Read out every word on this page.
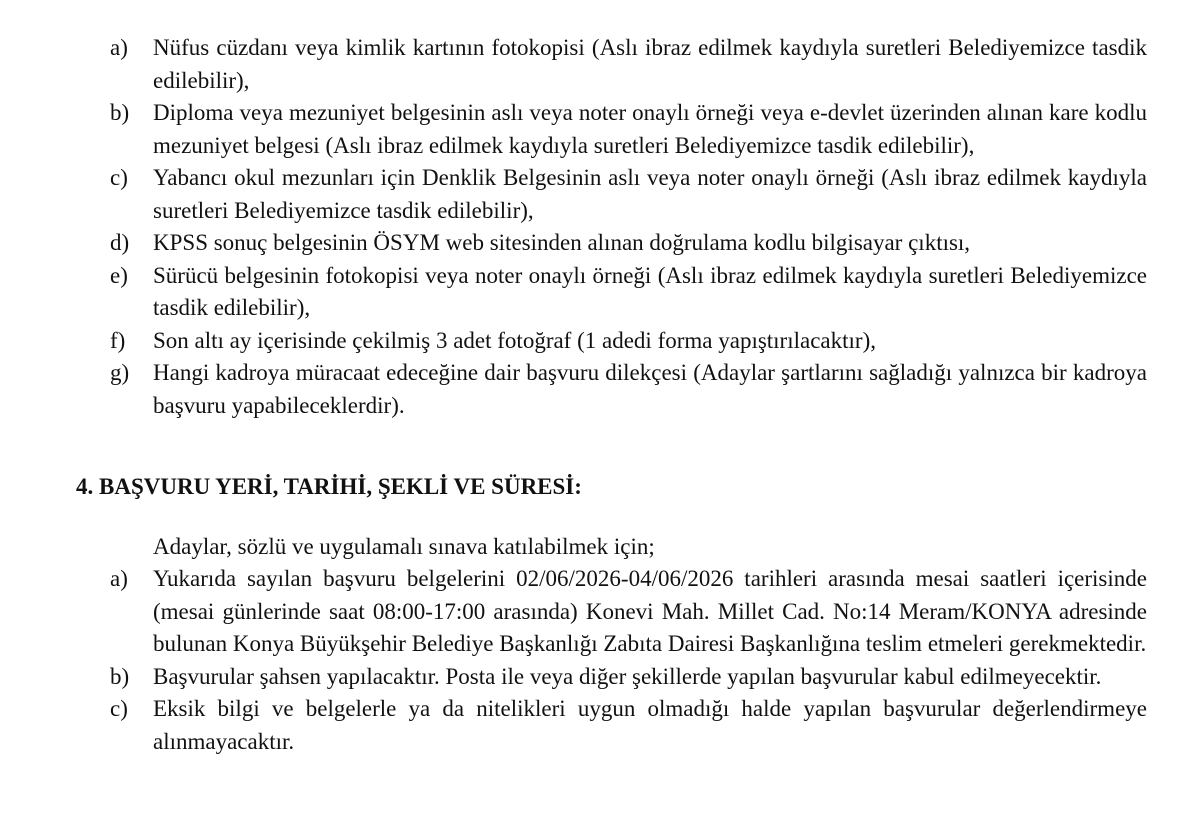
a)	Nüfus cüzdanı veya kimlik kartının fotokopisi (Aslı ibraz edilmek kaydıyla suretleri Belediyemizce tasdik edilebilir),
b)	Diploma veya mezuniyet belgesinin aslı veya noter onaylı örneği veya e-devlet üzerinden alınan kare kodlu mezuniyet belgesi (Aslı ibraz edilmek kaydıyla suretleri Belediyemizce tasdik edilebilir),
c)	Yabancı okul mezunları için Denklik Belgesinin aslı veya noter onaylı örneği (Aslı ibraz edilmek kaydıyla suretleri Belediyemizce tasdik edilebilir),
d)	KPSS sonuç belgesinin ÖSYM web sitesinden alınan doğrulama kodlu bilgisayar çıktısı,
e)	Sürücü belgesinin fotokopisi veya noter onaylı örneği (Aslı ibraz edilmek kaydıyla suretleri Belediyemizce tasdik edilebilir),
f)	Son altı ay içerisinde çekilmiş 3 adet fotoğraf (1 adedi forma yapıştırılacaktır),
g)	Hangi kadroya müracaat edeceğine dair başvuru dilekçesi (Adaylar şartlarını sağladığı yalnızca bir kadroya başvuru yapabileceklerdir).
4. BAŞVURU YERİ, TARİHİ, ŞEKLİ VE SÜRESİ:

Adaylar, sözlü ve uygulamalı sınava katılabilmek için;

a)	Yukarıda sayılan başvuru belgelerini 02/06/2026-04/06/2026 tarihleri arasında mesai saatleri içerisinde (mesai günlerinde saat 08:00-17:00 arasında) Konevi Mah. Millet Cad. No:14 Meram/KONYA adresinde bulunan Konya Büyükşehir Belediye Başkanlığı Zabıta Dairesi Başkanlığına teslim etmeleri gerekmektedir.
b)	Başvurular şahsen yapılacaktır. Posta ile veya diğer şekillerde yapılan başvurular kabul edilmeyecektir.
c)	Eksik bilgi ve belgelerle ya da nitelikleri uygun olmadığı halde yapılan başvurular değerlendirmeye alınmayacaktır.
